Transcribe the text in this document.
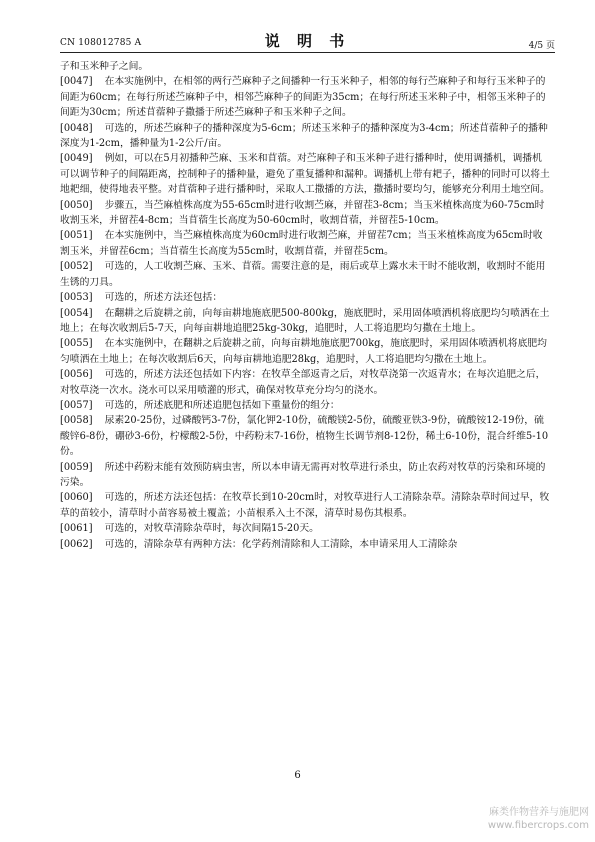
CN 108012785 A	说 明 书	4/5 页

子和玉米种子之间。

[0047] 在本实施例中，在相邻的两行苎麻种子之间播种一行玉米种子，相邻的每行苎麻种子和每行玉米种子的间距为60cm；在每行所述苎麻种子中，相邻苎麻种子的间距为35cm；在每行所述玉米种子中，相邻玉米种子的间距为30cm；所述苜蓿种子撒播于所述苎麻种子和玉米种子之间。

[0048] 可选的，所述苎麻种子的播种深度为5-6cm；所述玉米种子的播种深度为3-4cm；所述苜蓿种子的播种深度为1-2cm，播种量为1-2公斤/亩。

[0049] 例如，可以在5月初播种苎麻、玉米和苜蓿。对苎麻种子和玉米种子进行播种时，使用调播机，调播机可以调节种子的间隔距离，控制种子的播种量，避免了重复播种和漏种。调播机上带有耙子，播种的同时可以将土地耙细，使得地表平整。对苜蓿种子进行播种时，采取人工撒播的方法，撒播时要均匀，能够充分利用土地空间。

[0050] 步骤五，当苎麻植株高度为55-65cm时进行收割苎麻，并留茬3-8cm；当玉米植株高度为60-75cm时收割玉米，并留茬4-8cm；当苜蓿生长高度为50-60cm时，收割苜蓿，并留茬5-10cm。

[0051] 在本实施例中，当苎麻植株高度为60cm时进行收割苎麻，并留茬7cm；当玉米植株高度为65cm时收割玉米，并留茬6cm；当苜蓿生长高度为55cm时，收割苜蓿，并留茬5cm。

[0052] 可选的，人工收割苎麻、玉米、苜蓿。需要注意的是，雨后或草上露水未干时不能收割，收割时不能用生锈的刀具。

[0053] 可选的，所述方法还包括：

[0054] 在翻耕之后旋耕之前，向每亩耕地施底肥500-800kg，施底肥时，采用固体喷洒机将底肥均匀喷洒在土地上；在每次收割后5-7天，向每亩耕地追肥25kg-30kg，追肥时，人工将追肥均匀撒在土地上。

[0055] 在本实施例中，在翻耕之后旋耕之前，向每亩耕地施底肥700kg，施底肥时，采用固体喷洒机将底肥均匀喷洒在土地上；在每次收割后6天，向每亩耕地追肥28kg，追肥时，人工将追肥均匀撒在土地上。

[0056] 可选的，所述方法还包括如下内容：在牧草全部返青之后，对牧草浇第一次返青水；在每次追肥之后，对牧草浇一次水。浇水可以采用喷灌的形式，确保对牧草充分均匀的浇水。

[0057] 可选的，所述底肥和所述追肥包括如下重量份的组分：

[0058] 尿素20-25份，过磷酸钙3-7份，氯化钾2-10份，硫酸镁2-5份，硫酸亚铁3-9份，硫酸铵12-19份，硫酸锌6-8份，硼砂3-6份，柠檬酸2-5份，中药粉末7-16份，植物生长调节剂8-12份，稀土6-10份，混合纤维5-10份。

[0059] 所述中药粉末能有效预防病虫害，所以本申请无需再对牧草进行杀虫，防止农药对牧草的污染和环境的污染。

[0060] 可选的，所述方法还包括：在牧草长到10-20cm时，对牧草进行人工清除杂草。清除杂草时间过早，牧草的苗较小，清草时小苗容易被土覆盖；小苗根系入土不深，清草时易伤其根系。

[0061] 可选的，对牧草清除杂草时，每次间隔15-20天。

[0062] 可选的，清除杂草有两种方法：化学药剂清除和人工清除，本申请采用人工清除杂

6
麻类作物营养与施肥网
www.fibercrops.com
